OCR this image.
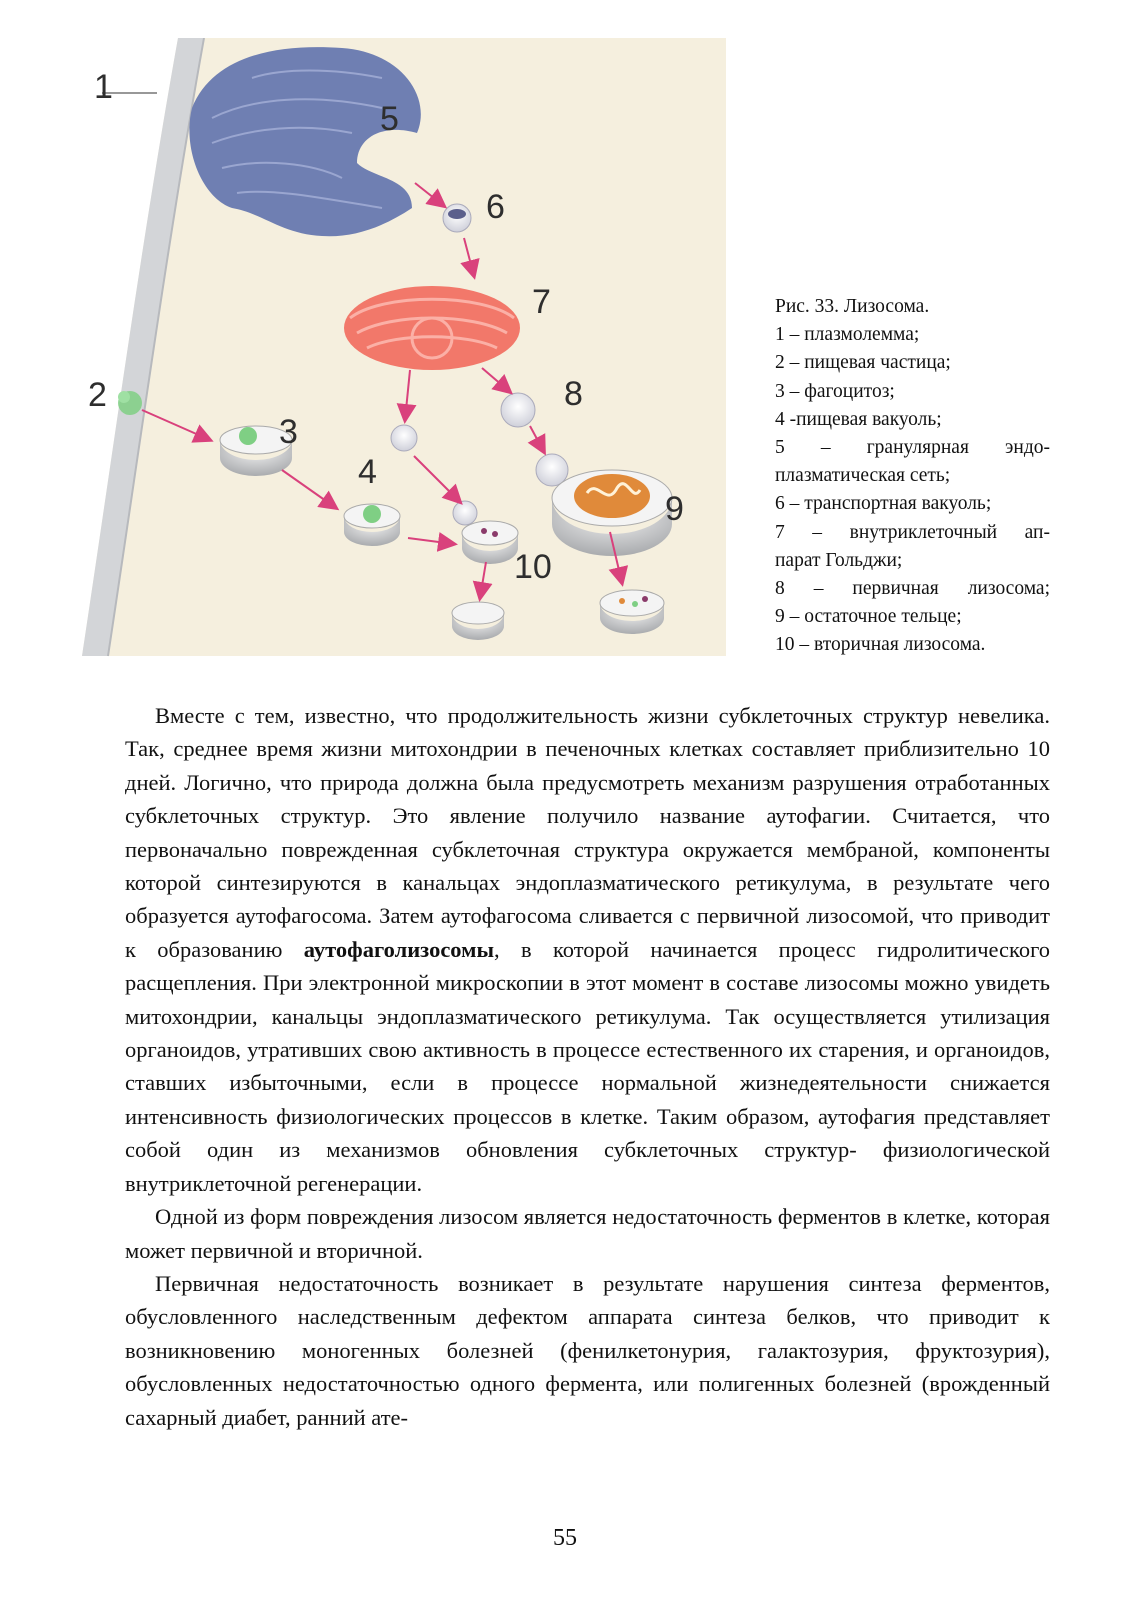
1
2
3
4
5
6
7
8
9
10
Рис. 33. Лизосома.
1 – плазмолемма;
2 – пищевая частица;
3 – фагоцитоз;
4 -пищевая вакуоль;
5 – гранулярная эндо-
плазматическая сеть;
6 – транспортная вакуоль;
7 – внутриклеточный ап-
парат Гольджи;
8 – первичная лизосома;
9 – остаточное тельце;
10 – вторичная лизосома.

Вместе с тем, известно, что продолжительность жизни субклеточных структур невелика. Так, среднее время жизни митохондрии в печеночных клетках составляет приблизительно 10 дней. Логично, что природа должна была предусмотреть механизм разрушения отработанных субклеточных структур. Это явление получило название аутофагии. Считается, что первоначально поврежденная субклеточная структура окружается мембраной, компоненты которой синтезируются в канальцах эндоплазматического ретикулума, в результате чего образуется аутофагосома. Затем аутофагосома сливается с первичной лизосомой, что приводит к образованию аутофаголизосомы, в которой начинается процесс гидролитического расщепления. При электронной микроскопии в этот момент в составе лизосомы можно увидеть митохондрии, канальцы эндоплазматического ретикулума. Так осуществляется утилизация органоидов, утративших свою активность в процессе естественного их старения, и органоидов, ставших избыточными, если в процессе нормальной жизнедеятельности снижается интенсивность физиологических процессов в клетке. Таким образом, аутофагия представляет собой один из механизмов обновления субклеточных структур- физиологической внутриклеточной регенерации.

Одной из форм повреждения лизосом является недостаточность ферментов в клетке, которая может первичной и вторичной.

Первичная недостаточность возникает в результате нарушения синтеза ферментов, обусловленного наследственным дефектом аппарата синтеза белков, что приводит к возникновению моногенных болезней (фенилкетонурия, галактозурия, фруктозурия), обусловленных недостаточностью одного фермента, или полигенных болезней (врожденный сахарный диабет, ранний ате-

55
